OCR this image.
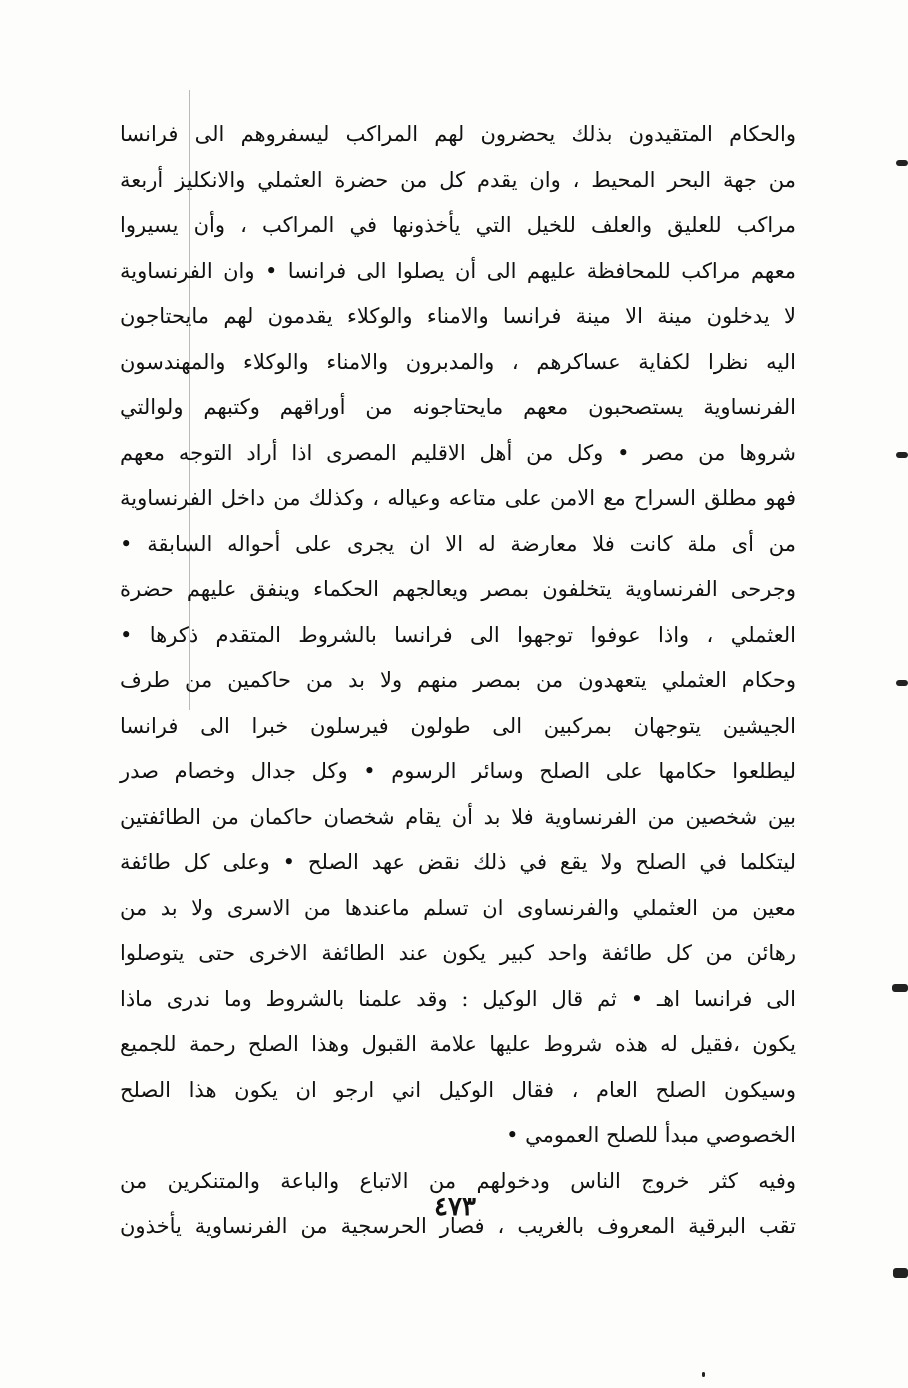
والحكام المتقيدون بذلك يحضرون لهم المراكب ليسفروهم الى فرانسا
من جهة البحر المحيط ، وان يقدم كل من حضرة العثملي والانكليز أربعة
مراكب للعليق والعلف للخيل التي يأخذونها في المراكب ، وأن يسيروا
معهم مراكب للمحافظة عليهم الى أن يصلوا الى فرانسا • وان الفرنساوية
لا يدخلون مينة الا مينة فرانسا والامناء والوكلاء يقدمون لهم مايحتاجون
اليه نظرا لكفاية عساكرهم ، والمدبرون والامناء والوكلاء والمهندسون
الفرنساوية يستصحبون معهم مايحتاجونه من أوراقهم وكتبهم ولوالتي
شروها من مصر • وكل من أهل الاقليم المصرى اذا أراد التوجه معهم
فهو مطلق السراح مع الامن على متاعه وعياله ، وكذلك من داخل الفرنساوية
من أى ملة كانت فلا معارضة له الا ان يجرى على أحواله السابقة •
وجرحى الفرنساوية يتخلفون بمصر ويعالجهم الحكماء وينفق عليهم حضرة
العثملي ، واذا عوفوا توجهوا الى فرانسا بالشروط المتقدم ذكرها •
وحكام العثملي يتعهدون من بمصر منهم ولا بد من حاكمين من طرف
الجيشين يتوجهان بمركبين الى طولون فيرسلون خبرا الى فرانسا
ليطلعوا حكامها على الصلح وسائر الرسوم • وكل جدال وخصام صدر
بين شخصين من الفرنساوية فلا بد أن يقام شخصان حاكمان من الطائفتين
ليتكلما في الصلح ولا يقع في ذلك نقض عهد الصلح • وعلى كل طائفة
معين من العثملي والفرنساوى ان تسلم ماعندها من الاسرى ولا بد من
رهائن من كل طائفة واحد كبير يكون عند الطائفة الاخرى حتى يتوصلوا
الى فرانسا اهـ • ثم قال الوكيل : وقد علمنا بالشروط وما ندرى ماذا
يكون ،فقيل له هذه شروط عليها علامة القبول وهذا الصلح رحمة للجميع
وسيكون الصلح العام ، فقال الوكيل اني ارجو ان يكون هذا الصلح
الخصوصي مبدأ للصلح العمومي •
وفيه كثر خروج الناس ودخولهم من الاتباع والباعة والمتنكرين من
تقب البرقية المعروف بالغريب ، فصار الحرسجية من الفرنساوية يأخذون
٤٧٣
